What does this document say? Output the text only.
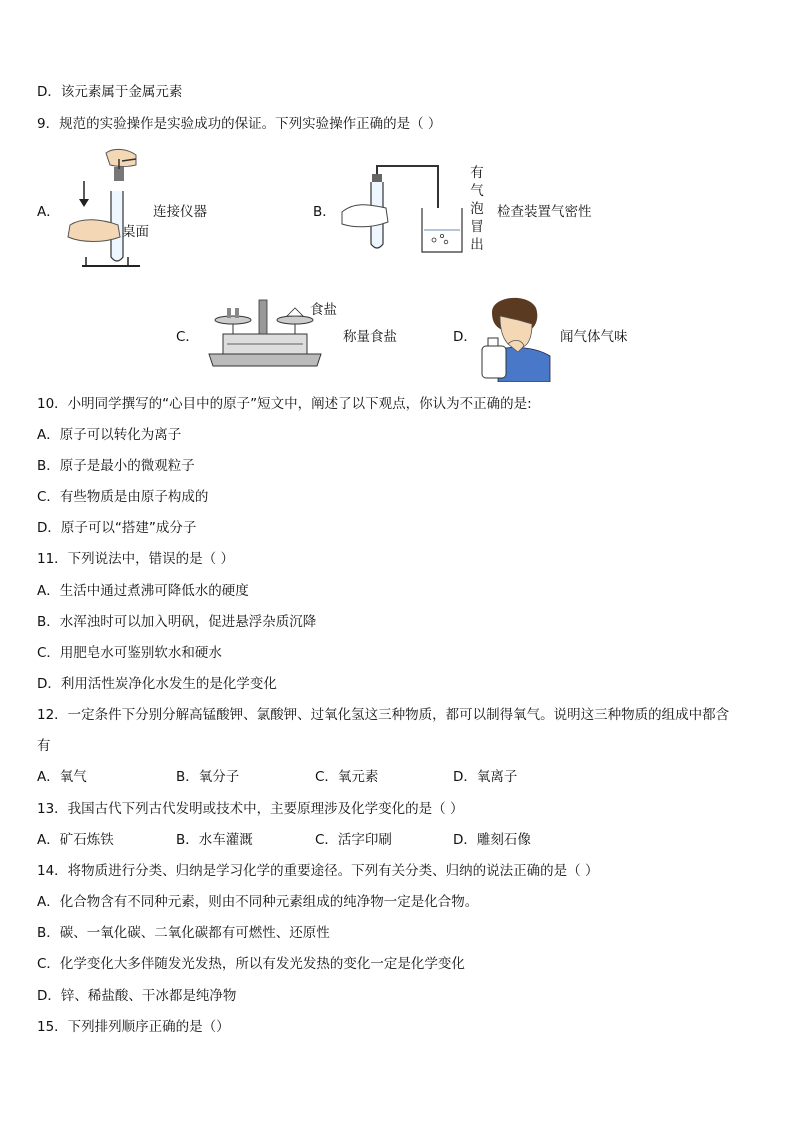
D．该元素属于金属元素
9．规范的实验操作是实验成功的保证。下列实验操作正确的是（ ）
A．	连接仪器
桌面
B．
有
气
泡
冒
出
检查装置气密性
C．
食盐
称量食盐	D．	闻气体气味
10．小明同学撰写的“心目中的原子”短文中，阐述了以下观点，你认为不正确的是:
A．原子可以转化为离子
B．原子是最小的微观粒子
C．有些物质是由原子构成的
D．原子可以“搭建”成分子
11．下列说法中，错误的是（ ）
A．生活中通过煮沸可降低水的硬度
B．水浑浊时可以加入明矾，促进悬浮杂质沉降
C．用肥皂水可鉴别软水和硬水
D．利用活性炭净化水发生的是化学变化
12．一定条件下分别分解高锰酸钾、氯酸钾、过氧化氢这三种物质，都可以制得氧气。说明这三种物质的组成中都含
有
A．氧气	B．氧分子	C．氧元素	D．氧离子
13．我国古代下列古代发明或技术中，主要原理涉及化学变化的是（ ）
A．矿石炼铁	B．水车灌溉	C．活字印刷	D．雕刻石像
14．将物质进行分类、归纳是学习化学的重要途径。下列有关分类、归纳的说法正确的是（ ）
A．化合物含有不同种元素，则由不同种元素组成的纯净物一定是化合物。
B．碳、一氧化碳、二氧化碳都有可燃性、还原性
C．化学变化大多伴随发光发热，所以有发光发热的变化一定是化学变化
D．锌、稀盐酸、干冰都是纯净物
15．下列排列顺序正确的是（）
